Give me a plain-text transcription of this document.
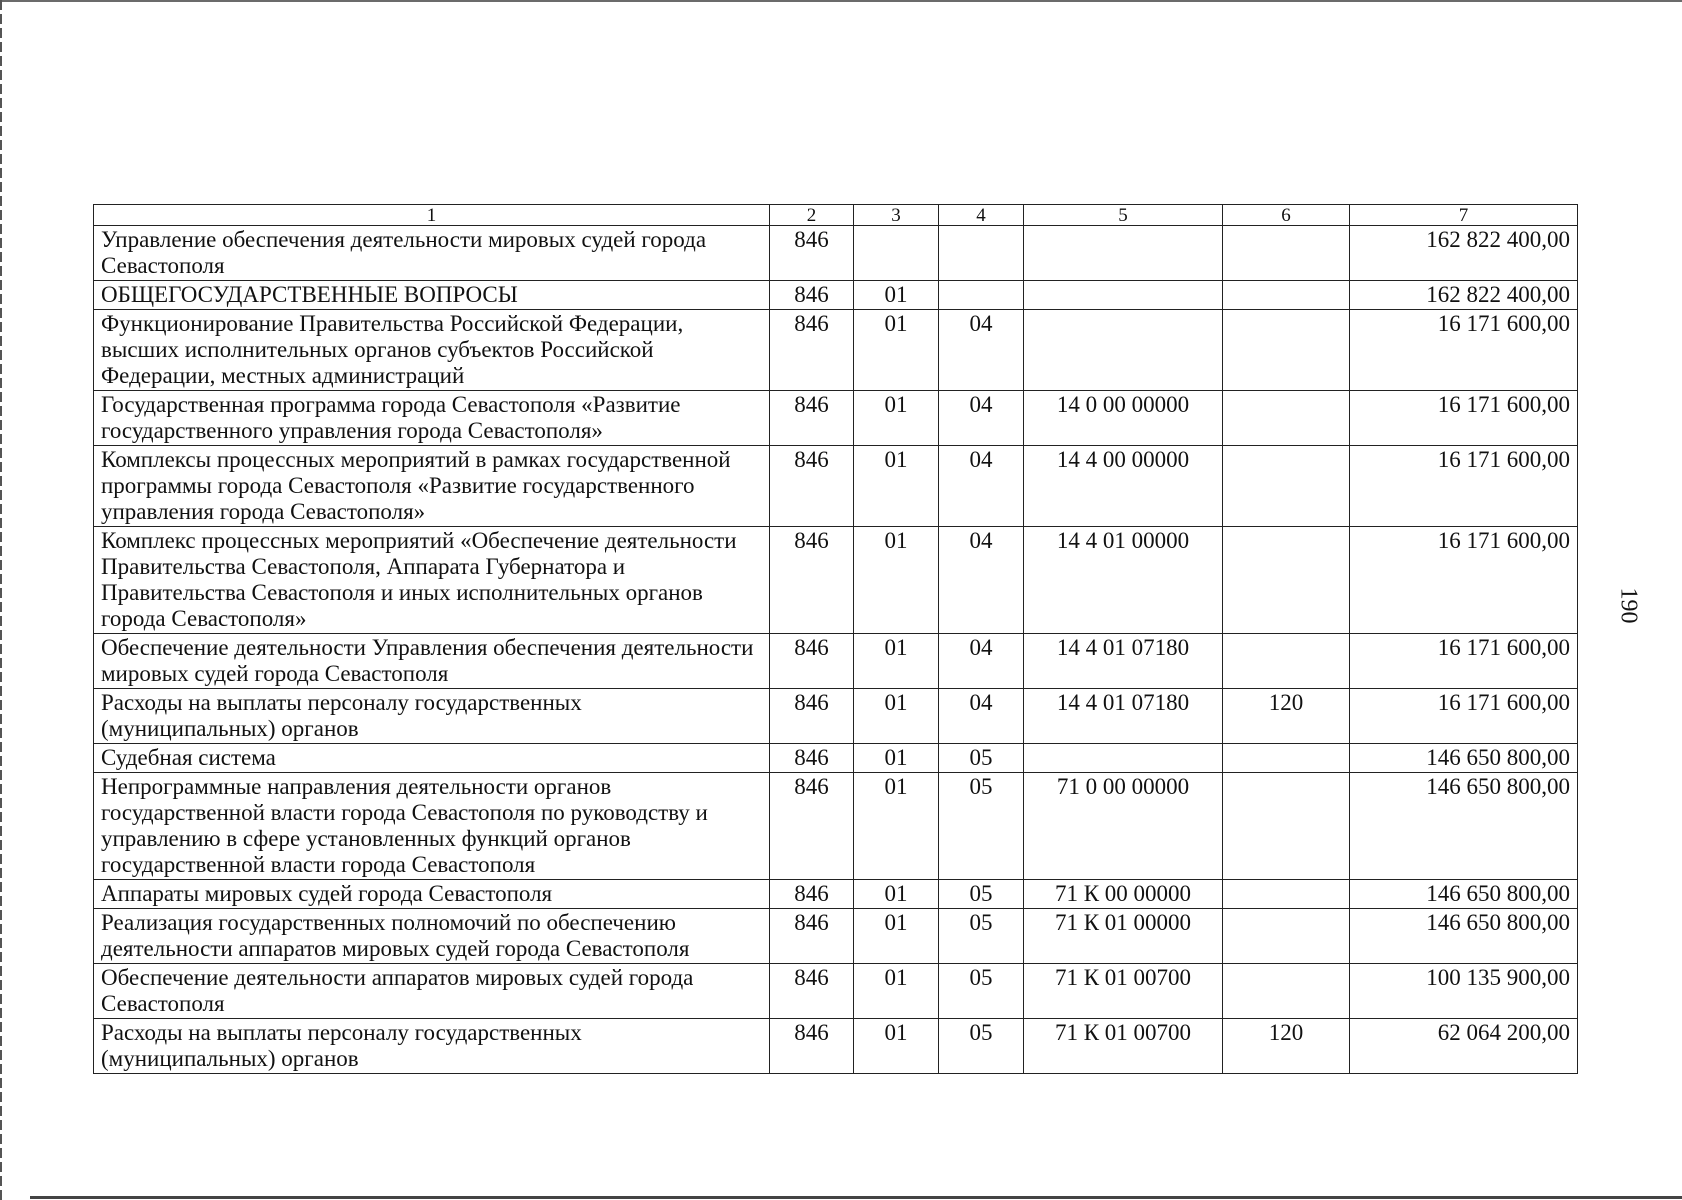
190
1	2	3	4	5	6	7
Управление обеспечения деятельности мировых судей города Севастополя	846					162 822 400,00
ОБЩЕГОСУДАРСТВЕННЫЕ ВОПРОСЫ	846	01				162 822 400,00
Функционирование Правительства Российской Федерации, высших исполнительных органов субъектов Российской Федерации, местных администраций	846	01	04			16 171 600,00
Государственная программа города Севастополя «Развитие государственного управления города Севастополя»	846	01	04	14 0 00 00000		16 171 600,00
Комплексы процессных мероприятий в рамках государственной программы города Севастополя «Развитие государственного управления города Севастополя»	846	01	04	14 4 00 00000		16 171 600,00
Комплекс процессных мероприятий «Обеспечение деятельности Правительства Севастополя, Аппарата Губернатора и Правительства Севастополя и иных исполнительных органов города Севастополя»	846	01	04	14 4 01 00000		16 171 600,00
Обеспечение деятельности Управления обеспечения деятельности мировых судей города Севастополя	846	01	04	14 4 01 07180		16 171 600,00
Расходы на выплаты персоналу государственных (муниципальных) органов	846	01	04	14 4 01 07180	120	16 171 600,00
Судебная система	846	01	05			146 650 800,00
Непрограммные направления деятельности органов государственной власти города Севастополя по руководству и управлению в сфере установленных функций органов государственной власти города Севастополя	846	01	05	71 0 00 00000		146 650 800,00
Аппараты мировых судей города Севастополя	846	01	05	71 К 00 00000		146 650 800,00
Реализация государственных полномочий по обеспечению деятельности аппаратов мировых судей города Севастополя	846	01	05	71 К 01 00000		146 650 800,00
Обеспечение деятельности аппаратов мировых судей города Севастополя	846	01	05	71 К 01 00700		100 135 900,00
Расходы на выплаты персоналу государственных (муниципальных) органов	846	01	05	71 К 01 00700	120	62 064 200,00
